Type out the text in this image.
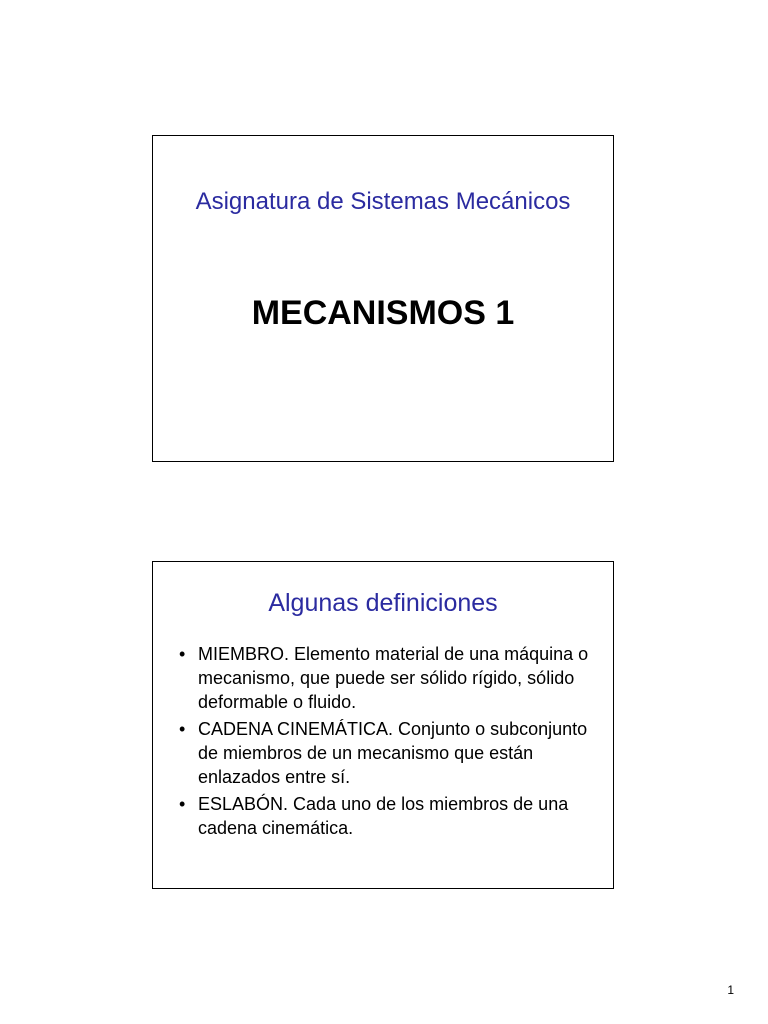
Asignatura de Sistemas Mecánicos
MECANISMOS 1
Algunas definiciones
• MIEMBRO. Elemento material de una máquina o mecanismo, que puede ser sólido rígido, sólido deformable o fluido.
• CADENA CINEMÁTICA. Conjunto o subconjunto de miembros de un mecanismo que están enlazados entre sí.
• ESLABÓN. Cada uno de los miembros de una cadena cinemática.
1
